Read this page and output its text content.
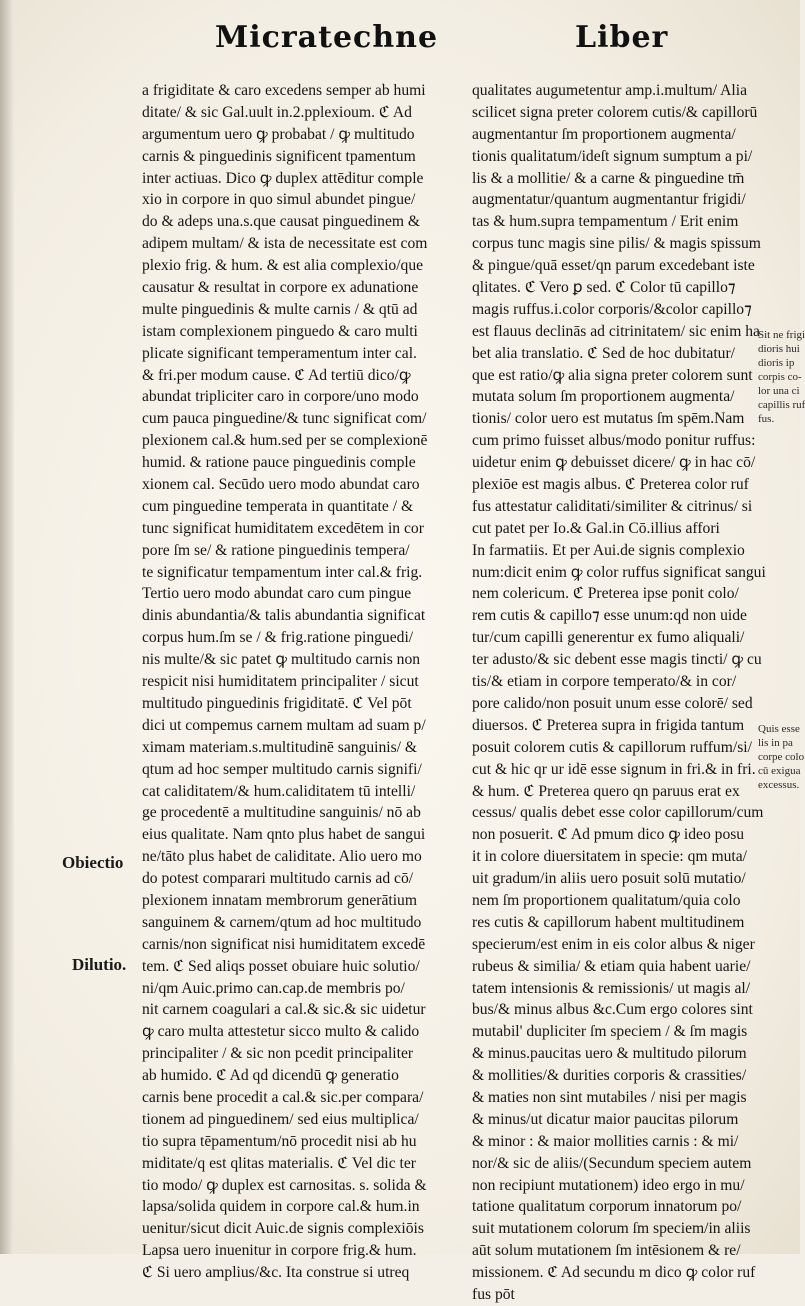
Micratechne	Liber
a frigiditate & caro excedens semper ab humi
ditate/ & sic Gal.uult in.2.pplexioum. ℭ Ad
argumentum uero ꝙ probabat / ꝙ multitudo
carnis & pinguedinis significent tpamentum
inter actiuas. Dico ꝙ duplex attēditur comple
xio in corpore in quo simul abundet pingue/
do & adeps una.s.que causat pinguedinem &
adipem multam/ & ista de necessitate est com
plexio frig. & hum. & est alia complexio/que
causatur & resultat in corpore ex adunatione
multe pinguedinis & multe carnis / & qtū ad
istam complexionem pinguedo & caro multi
plicate significant temperamentum inter cal.
& fri.per modum cause. ℭ Ad tertiū dico/ꝙ
abundat tripliciter caro in corpore/uno modo
cum pauca pinguedine/& tunc significat com/
plexionem cal.& hum.sed per se complexionē
humid. & ratione pauce pinguedinis comple
xionem cal. Secūdo uero modo abundat caro
cum pinguedine temperata in quantitate / &
tunc significat humiditatem excedētem in cor
pore ſm se/ & ratione pinguedinis tempera/
te significatur tempamentum inter cal.& frig.
Tertio uero modo abundat caro cum pingue
dinis abundantia/& talis abundantia significat
corpus hum.ſm se / & frig.ratione pinguedi/
nis multe/& sic patet ꝙ multitudo carnis non
respicit nisi humiditatem principaliter / sicut
multitudo pinguedinis frigiditatē. ℭ Vel pōt
dici ut compemus carnem multam ad suam p/
ximam materiam.s.multitudinē sanguinis/ &
qtum ad hoc semper multitudo carnis signifi/
cat caliditatem/& hum.caliditatem tū intelli/
ge procedentē a multitudine sanguinis/ nō ab
eius qualitate. Nam qnto plus habet de sangui
ne/tāto plus habet de caliditate. Alio uero mo
do potest comparari multitudo carnis ad cō/
plexionem innatam membrorum generātium
sanguinem & carnem/qtum ad hoc multitudo
carnis/non significat nisi humiditatem excedē
tem. ℭ Sed aliqs posset obuiare huic solutio/
ni/qm Auic.primo can.cap.de membris po/
nit carnem coagulari a cal.& sic.& sic uidetur
ꝙ caro multa attestetur sicco multo & calido
principaliter / & sic non pcedit principaliter
ab humido. ℭ Ad qd dicendū ꝙ generatio
carnis bene procedit a cal.& sic.per compara/
tionem ad pinguedinem/ sed eius multiplica/
tio supra tēpamentum/nō procedit nisi ab hu
miditate/q est qlitas materialis. ℭ Vel dic ter
tio modo/ ꝙ duplex est carnositas. s. solida &
lapsa/solida quidem in corpore cal.& hum.in
uenitur/sicut dicit Auic.de signis complexiōis
Lapsa uero inuenitur in corpore frig.& hum.
ℭ Si uero amplius/&c. Ita construe si utreq
qualitates augumetentur amp.i.multum/ Alia
scilicet signa preter colorem cutis/& capillorū
augmentantur ſm proportionem augmenta/
tionis qualitatum/ideſt signum sumptum a pi/
lis & a mollitie/ & a carne & pinguedine tm̄
augmentatur/quantum augmentantur frigidi/
tas & hum.supra tempamentum / Erit enim
corpus tunc magis sine pilis/ & magis spissum
& pingue/quā esset/qn parum excedebant iste
qlitates. ℭ Vero ꝑ sed. ℭ Color tū capillo⁊
magis ruffus.i.color corporis/&color capillo⁊
est flauus declinās ad citrinitatem/ sic enim ha
bet alia translatio. ℭ Sed de hoc dubitatur/
que est ratio/ꝙ alia signa preter colorem sunt
mutata solum ſm proportionem augmenta/
tionis/ color uero est mutatus ſm spēm.Nam
cum primo fuisset albus/modo ponitur ruffus:
uidetur enim ꝙ debuisset dicere/ ꝙ in hac cō/
plexiōe est magis albus. ℭ Preterea color ruf
fus attestatur caliditati/similiter & citrinus/ si
cut patet per Io.& Gal.in Cō.illius affori
In farmatiis. Et per Aui.de signis complexio
num:dicit enim ꝙ color ruffus significat sangui
nem colericum. ℭ Preterea ipse ponit colo/
rem cutis & capillo⁊ esse unum:qd non uide
tur/cum capilli generentur ex fumo aliquali/
ter adusto/& sic debent esse magis tincti/ ꝙ cu
tis/& etiam in corpore temperato/& in cor/
pore calido/non posuit unum esse colorē/ sed
diuersos. ℭ Preterea supra in frigida tantum
posuit colorem cutis & capillorum ruffum/si/
cut & hic qr ur idē esse signum in fri.& in fri.
& hum. ℭ Preterea quero qn paruus erat ex
cessus/ qualis debet esse color capillorum/cum
non posuerit. ℭ Ad pmum dico ꝙ ideo posu
it in colore diuersitatem in specie: qm muta/
uit gradum/in aliis uero posuit solū mutatio/
nem ſm proportionem qualitatum/quia colo
res cutis & capillorum habent multitudinem
specierum/est enim in eis color albus & niger
rubeus & similia/ & etiam quia habent uarie/
tatem intensionis & remissionis/ ut magis al/
bus/& minus albus &c.Cum ergo colores sint
mutabil' dupliciter ſm speciem / & ſm magis
& minus.paucitas uero & multitudo pilorum
& mollities/& durities corporis & crassities/
& maties non sint mutabiles / nisi per magis
& minus/ut dicatur maior paucitas pilorum
& minor : & maior mollities carnis : & mi/
nor/& sic de aliis/(Secundum speciem autem
non recipiunt mutationem) ideo ergo in mu/
tatione qualitatum corporum innatorum po/
suit mutationem colorum ſm speciem/in aliis
aūt solum mutationem ſm intēsionem & re/
missionem. ℭ Ad secundu m dico ꝙ color ruf
fus pōt
Obiectio
Dilutio.
Sit ne frigi
dioris hui
dioris ip
corpis co-
lor una ci
capillis ruf
fus.
Quis esse
lis in pa
corpe colo
cū exigua
excessus.
